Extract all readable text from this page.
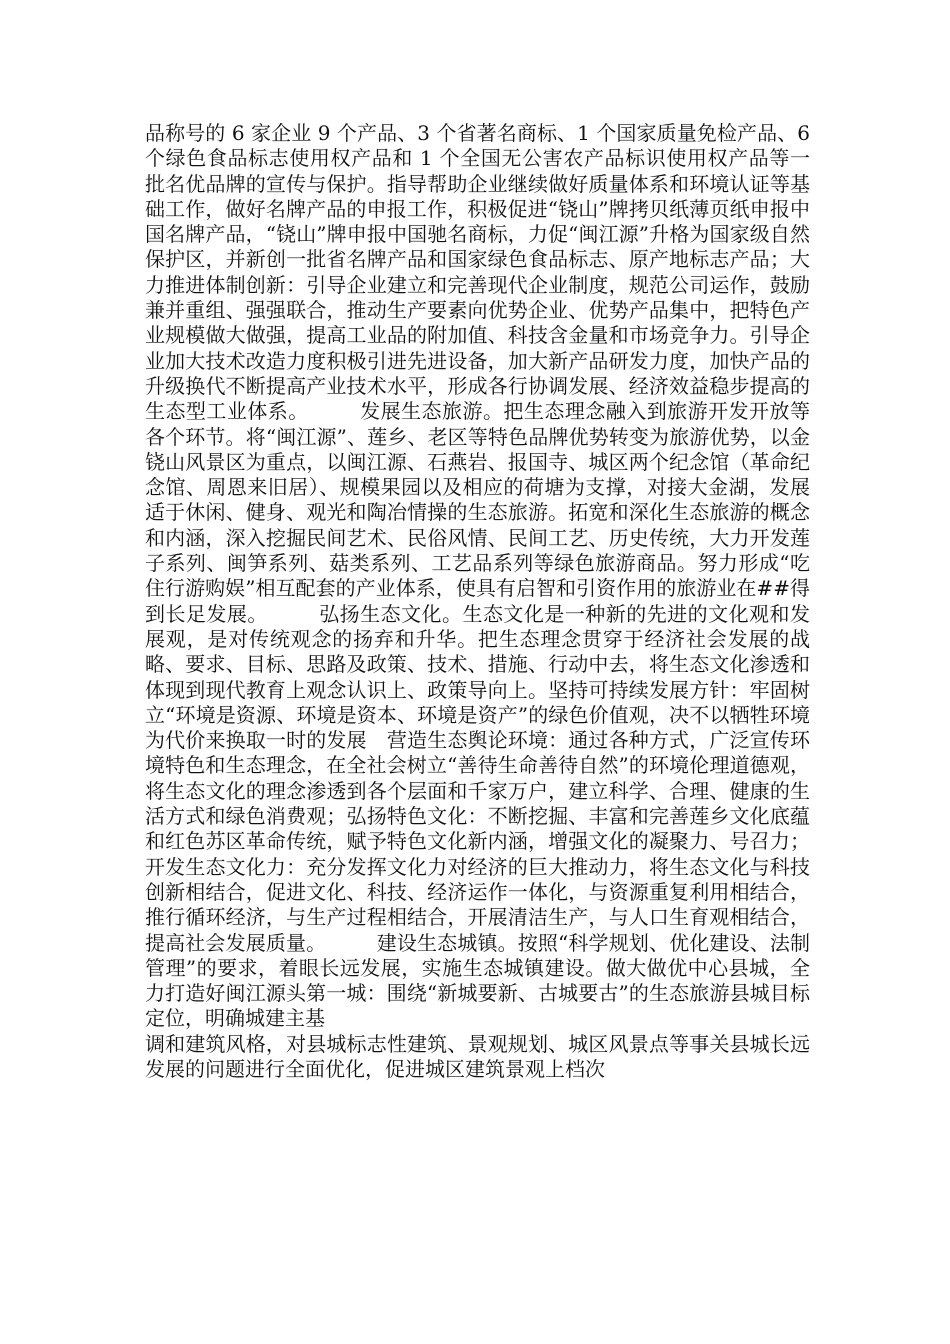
品称号的 6 家企业 9 个产品、3 个省著名商标、1 个国家质量免检产品、6 个绿色食品标志使用权产品和 1 个全国无公害农产品标识使用权产品等一批名优品牌的宣传与保护。指导帮助企业继续做好质量体系和环境认证等基础工作，做好名牌产品的申报工作，积极促进“铙山”牌拷贝纸薄页纸申报中国名牌产品，“铙山”牌申报中国驰名商标，力促“闽江源”升格为国家级自然保护区，并新创一批省名牌产品和国家绿色食品标志、原产地标志产品；大力推进体制创新：引导企业建立和完善现代企业制度，规范公司运作，鼓励兼并重组、强强联合，推动生产要素向优势企业、优势产品集中，把特色产业规模做大做强，提高工业品的附加值、科技含金量和市场竞争力。引导企业加大技术改造力度积极引进先进设备，加大新产品研发力度，加快产品的升级换代不断提高产业技术水平，形成各行协调发展、经济效益稳步提高的生态型工业体系。　　　发展生态旅游。把生态理念融入到旅游开发开放等各个环节。将“闽江源”、莲乡、老区等特色品牌优势转变为旅游优势，以金铙山风景区为重点，以闽江源、石燕岩、报国寺、城区两个纪念馆（革命纪念馆、周恩来旧居）、规模果园以及相应的荷塘为支撑，对接大金湖，发展适于休闲、健身、观光和陶冶情操的生态旅游。拓宽和深化生态旅游的概念和内涵，深入挖掘民间艺术、民俗风情、民间工艺、历史传统，大力开发莲子系列、闽笋系列、菇类系列、工艺品系列等绿色旅游商品。努力形成“吃住行游购娱”相互配套的产业体系，使具有启智和引资作用的旅游业在##得到长足发展。　　　弘扬生态文化。生态文化是一种新的先进的文化观和发展观，是对传统观念的扬弃和升华。把生态理念贯穿于经济社会发展的战略、要求、目标、思路及政策、技术、措施、行动中去，将生态文化渗透和体现到现代教育上观念认识上、政策导向上。坚持可持续发展方针：牢固树立“环境是资源、环境是资本、环境是资产”的绿色价值观，决不以牺牲环境为代价来换取一时的发展　营造生态舆论环境：通过各种方式，广泛宣传环境特色和生态理念，在全社会树立“善待生命善待自然”的环境伦理道德观，将生态文化的理念渗透到各个层面和千家万户，建立科学、合理、健康的生活方式和绿色消费观；弘扬特色文化：不断挖掘、丰富和完善莲乡文化底蕴和红色苏区革命传统，赋予特色文化新内涵，增强文化的凝聚力、号召力；开发生态文化力：充分发挥文化力对经济的巨大推动力，将生态文化与科技创新相结合，促进文化、科技、经济运作一体化，与资源重复利用相结合，推行循环经济，与生产过程相结合，开展清洁生产，与人口生育观相结合，提高社会发展质量。　　　建设生态城镇。按照“科学规划、优化建设、法制管理”的要求，着眼长远发展，实施生态城镇建设。做大做优中心县城，全力打造好闽江源头第一城：围绕“新城要新、古城要古”的生态旅游县城目标定位，明确城建主基

调和建筑风格，对县城标志性建筑、景观规划、城区风景点等事关县城长远发展的问题进行全面优化，促进城区建筑景观上档次
